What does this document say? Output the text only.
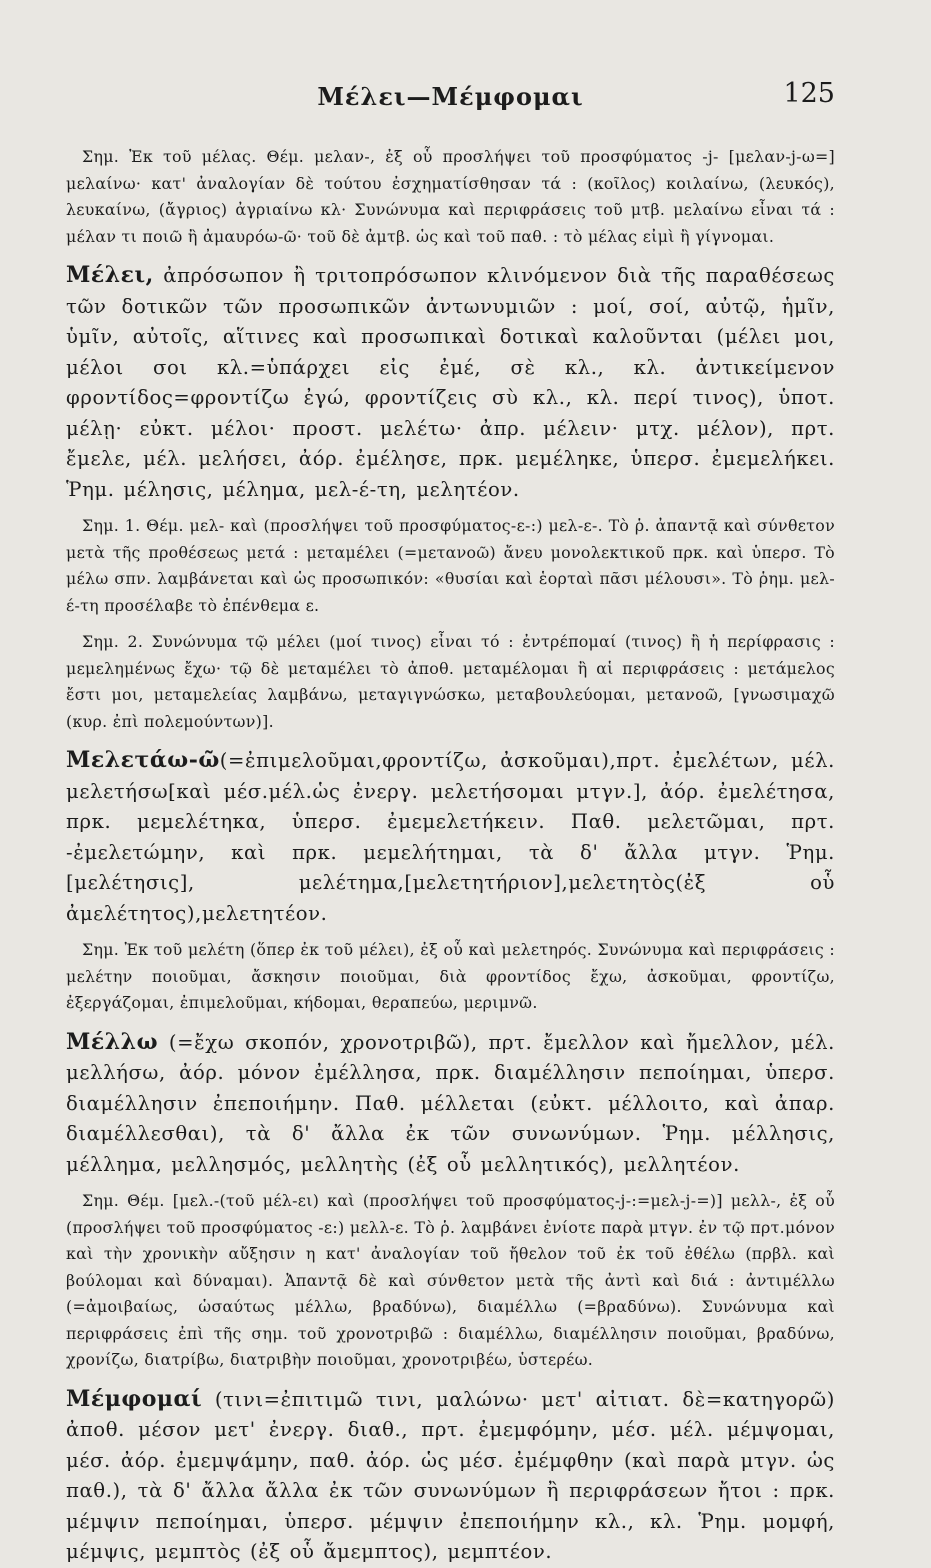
Μέλει—Μέμφομαι	125

Σημ. Ἐκ τοῦ μέλας. Θέμ. μελαν-, ἐξ οὗ προσλήψει τοῦ προσφύματος -j- [μελαν-j-ω=] μελαίνω· κατ' ἀναλογίαν δὲ τούτου ἐσχηματίσθησαν τά : (κοῖλος) κοιλαίνω, (λευκός), λευκαίνω, (ἄγριος) ἀγριαίνω κλ· Συνώνυμα καὶ περιφράσεις τοῦ μτβ. μελαίνω εἶναι τά : μέλαν τι ποιῶ ἢ ἀμαυρόω-ῶ· τοῦ δὲ ἀμτβ. ὡς καὶ τοῦ παθ. : τὸ μέλας εἰμὶ ἢ γίγνομαι.

Μέλει, ἀπρόσωπον ἢ τριτοπρόσωπον κλινόμενον διὰ τῆς παραθέσεως τῶν δοτικῶν τῶν προσωπικῶν ἀντωνυμιῶν : μοί, σοί, αὐτῷ, ἡμῖν, ὑμῖν, αὐτοῖς, αἵτινες καὶ προσωπικαὶ δοτικαὶ καλοῦνται (μέλει μοι, μέλοι σοι κλ.=ὑπάρχει εἰς ἐμέ, σὲ κλ., κλ. ἀντικείμενον φροντίδος=φροντίζω ἐγώ, φροντίζεις σὺ κλ., κλ. περί τινος), ὑποτ. μέλῃ· εὐκτ. μέλοι· προστ. μελέτω· ἀπρ. μέλειν· μτχ. μέλον), πρτ. ἔμελε, μέλ. μελήσει, ἀόρ. ἐμέλησε, πρκ. μεμέληκε, ὑπερσ. ἐμεμελήκει. Ῥημ. μέλησις, μέλημα, μελ-έ-τη, μελητέον.

Σημ. 1. Θέμ. μελ- καὶ (προσλήψει τοῦ προσφύματος-ε-:) μελ-ε-. Τὸ ῥ. ἀπαντᾷ καὶ σύνθετον μετὰ τῆς προθέσεως μετά : μεταμέλει (=μετανοῶ) ἄνευ μονολεκτικοῦ πρκ. καὶ ὑπερσ. Τὸ μέλω σπν. λαμβάνεται καὶ ὡς προσωπικόν: «θυσίαι καὶ ἑορταὶ πᾶσι μέλουσι». Τὸ ῥημ. μελ-έ-τη προσέλαβε τὸ ἐπένθεμα ε.

Σημ. 2. Συνώνυμα τῷ μέλει (μοί τινος) εἶναι τό : ἐντρέπομαί (τινος) ἢ ἡ περίφρασις : μεμελημένως ἔχω· τῷ δὲ μεταμέλει τὸ ἀποθ. μεταμέλομαι ἢ αἱ περιφράσεις : μετάμελος ἔστι μοι, μεταμελείας λαμβάνω, μεταγιγνώσκω, μεταβουλεύομαι, μετανοῶ, [γνωσιμαχῶ (κυρ. ἐπὶ πολεμούντων)].

Μελετάω-ῶ(=ἐπιμελοῦμαι,φροντίζω, ἀσκοῦμαι),πρτ. ἐμελέτων, μέλ. μελετήσω[καὶ μέσ.μέλ.ὡς ἐνεργ. μελετήσομαι μτγν.], ἀόρ. ἐμελέτησα, πρκ. μεμελέτηκα, ὑπερσ. ἐμεμελετήκειν. Παθ. μελετῶμαι, πρτ. -ἐμελετώμην, καὶ πρκ. μεμελήτημαι, τὰ δ' ἄλλα μτγν. Ῥημ. [μελέτησις], μελέτημα,[μελετητήριον],μελετητὸς(ἐξ οὗ ἀμελέτητος),μελετητέον.

Σημ. Ἐκ τοῦ μελέτη (ὅπερ ἐκ τοῦ μέλει), ἐξ οὗ καὶ μελετηρός. Συνώνυμα καὶ περιφράσεις : μελέτην ποιοῦμαι, ἄσκησιν ποιοῦμαι, διὰ φροντίδος ἔχω, ἀσκοῦμαι, φροντίζω, ἐξεργάζομαι, ἐπιμελοῦμαι, κήδομαι, θεραπεύω, μεριμνῶ.

Μέλλω (=ἔχω σκοπόν, χρονοτριβῶ), πρτ. ἔμελλον καὶ ἤμελλον, μέλ. μελλήσω, ἀόρ. μόνον ἐμέλλησα, πρκ. διαμέλλησιν πεποίημαι, ὑπερσ. διαμέλλησιν ἐπεποιήμην. Παθ. μέλλεται (εὐκτ. μέλλοιτο, καὶ ἀπαρ. διαμέλλεσθαι), τὰ δ' ἄλλα ἐκ τῶν συνωνύμων. Ῥημ. μέλλησις, μέλλημα, μελλησμός, μελλητὴς (ἐξ οὗ μελλητικός), μελλητέον.

Σημ. Θέμ. [μελ.-(τοῦ μέλ-ει) καὶ (προσλήψει τοῦ προσφύματος-j-:=μελ-j-=)] μελλ-, ἐξ οὗ (προσλήψει τοῦ προσφύματος -ε:) μελλ-ε. Τὸ ῥ. λαμβάνει ἐνίοτε παρὰ μτγν. ἐν τῷ πρτ.μόνον καὶ τὴν χρονικὴν αὔξησιν η κατ' ἀναλογίαν τοῦ ἤθελον τοῦ ἐκ τοῦ ἐθέλω (πρβλ. καὶ βούλομαι καὶ δύναμαι). Ἀπαντᾷ δὲ καὶ σύνθετον μετὰ τῆς ἀντὶ καὶ διά : ἀντιμέλλω (=ἀμοιβαίως, ὡσαύτως μέλλω, βραδύνω), διαμέλλω (=βραδύνω). Συνώνυμα καὶ περιφράσεις ἐπὶ τῆς σημ. τοῦ χρονοτριβῶ : διαμέλλω, διαμέλλησιν ποιοῦμαι, βραδύνω, χρονίζω, διατρίβω, διατριβὴν ποιοῦμαι, χρονοτριβέω, ὑστερέω.

Μέμφομαί (τινι=ἐπιτιμῶ τινι, μαλώνω· μετ' αἰτιατ. δὲ=κατηγορῶ) ἀποθ. μέσον μετ' ἐνεργ. διαθ., πρτ. ἐμεμφόμην, μέσ. μέλ. μέμψομαι, μέσ. ἀόρ. ἐμεμψάμην, παθ. ἀόρ. ὡς μέσ. ἐμέμφθην (καὶ παρὰ μτγν. ὡς παθ.), τὰ δ' ἄλλα ἄλλα ἐκ τῶν συνωνύμων ἢ περιφράσεων ἤτοι : πρκ. μέμψιν πεποίημαι, ὑπερσ. μέμψιν ἐπεποιήμην κλ., κλ. Ῥημ. μομφή, μέμψις, μεμπτὸς (ἐξ οὗ ἄμεμπτος), μεμπτέον.
